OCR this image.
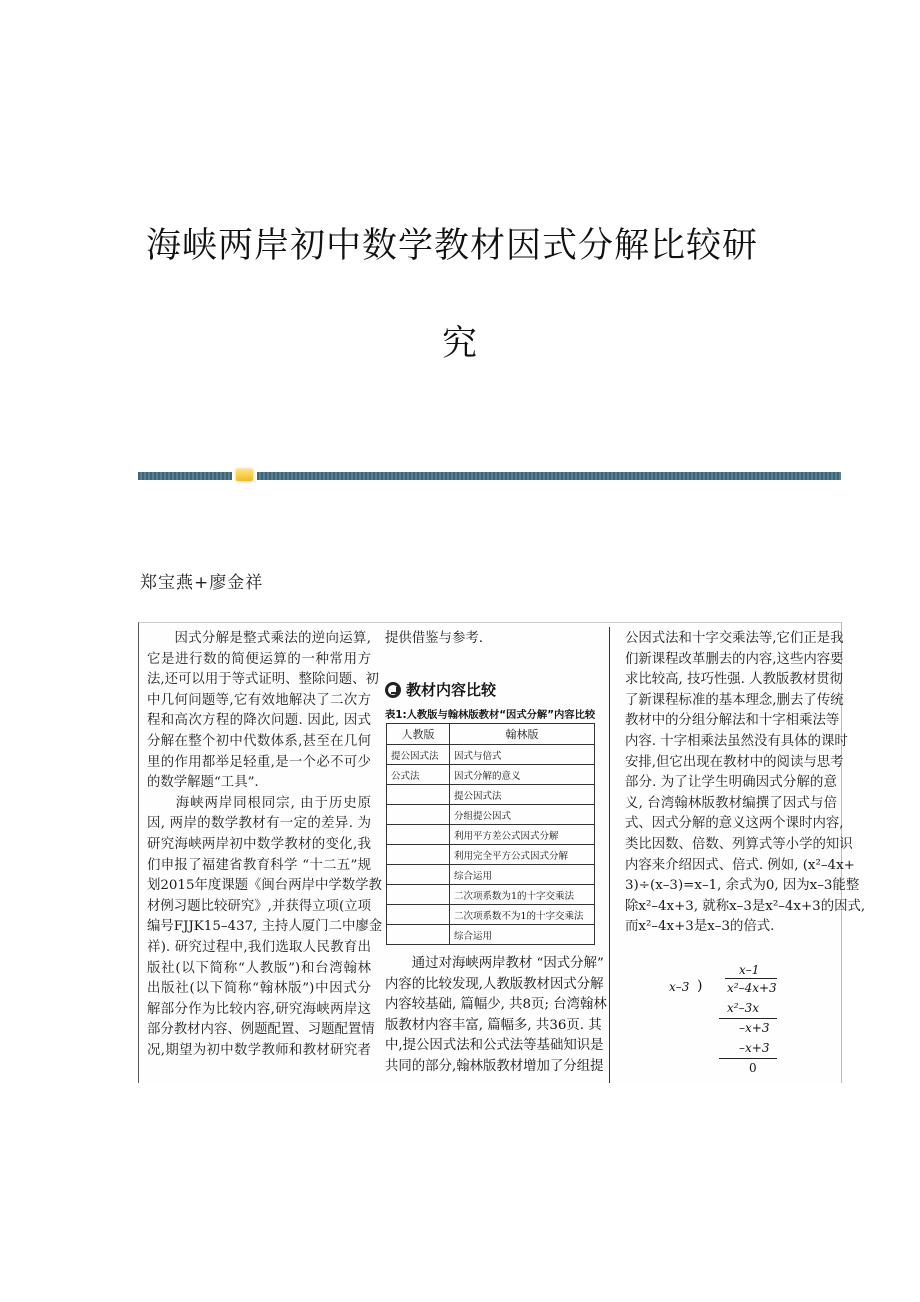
海峡两岸初中数学教材因式分解比较研
究
郑宝燕+廖金祥
　　因式分解是整式乘法的逆向运算,
它是进行数的简便运算的一种常用方
法,还可以用于等式证明、整除问题、初
中几何问题等,它有效地解决了二次方
程和高次方程的降次问题. 因此, 因式
分解在整个初中代数体系,甚至在几何
里的作用都举足轻重,是一个必不可少
的数学解题“工具”.
　　海峡两岸同根同宗, 由于历史原
因, 两岸的数学教材有一定的差异. 为
研究海峡两岸初中数学教材的变化,我
们申报了福建省教育科学 “十二五”规
划2015年度课题《闽台两岸中学数学教
材例习题比较研究》,并获得立项(立项
编号FJJK15–437, 主持人厦门二中廖金
祥). 研究过程中,我们选取人民教育出
版社(以下简称“人教版”)和台湾翰林
出版社(以下简称“翰林版”)中因式分
解部分作为比较内容,研究海峡两岸这
部分教材内容、例题配置、习题配置情
况,期望为初中数学教师和教材研究者
提供借鉴与参考.
教材内容比较
表1:人教版与翰林版教材“因式分解”内容比较
人教版	翰林版
提公因式法	因式与倍式
公式法	因式分解的意义
	提公因式法
	分组提公因式
	利用平方差公式因式分解
	利用完全平方公式因式分解
	综合运用
	二次项系数为1的十字交乘法
	二次项系数不为1的十字交乘法
	综合运用
　　通过对海峡两岸教材 “因式分解”
内容的比较发现,人教版教材因式分解
内容较基础, 篇幅少, 共8页; 台湾翰林
版教材内容丰富, 篇幅多, 共36页. 其
中,提公因式法和公式法等基础知识是
共同的部分,翰林版教材增加了分组提
公因式法和十字交乘法等,它们正是我
们新课程改革删去的内容,这些内容要
求比较高, 技巧性强. 人教版教材贯彻
了新课程标准的基本理念,删去了传统
教材中的分组分解法和十字相乘法等
内容. 十字相乘法虽然没有具体的课时
安排,但它出现在教材中的阅读与思考
部分. 为了让学生明确因式分解的意
义, 台湾翰林版教材编撰了因式与倍
式、因式分解的意义这两个课时内容,
类比因数、倍数、列算式等小学的知识
内容来介绍因式、倍式. 例如, (x²–4x+
3)÷(x–3)=x–1, 余式为0, 因为x–3能整
除x²–4x+3, 就称x–3是x²–4x+3的因式,
而x²–4x+3是x–3的倍式.
x–1
x–3 ) x²–4x+3
x²–3x
–x+3
–x+3
0
